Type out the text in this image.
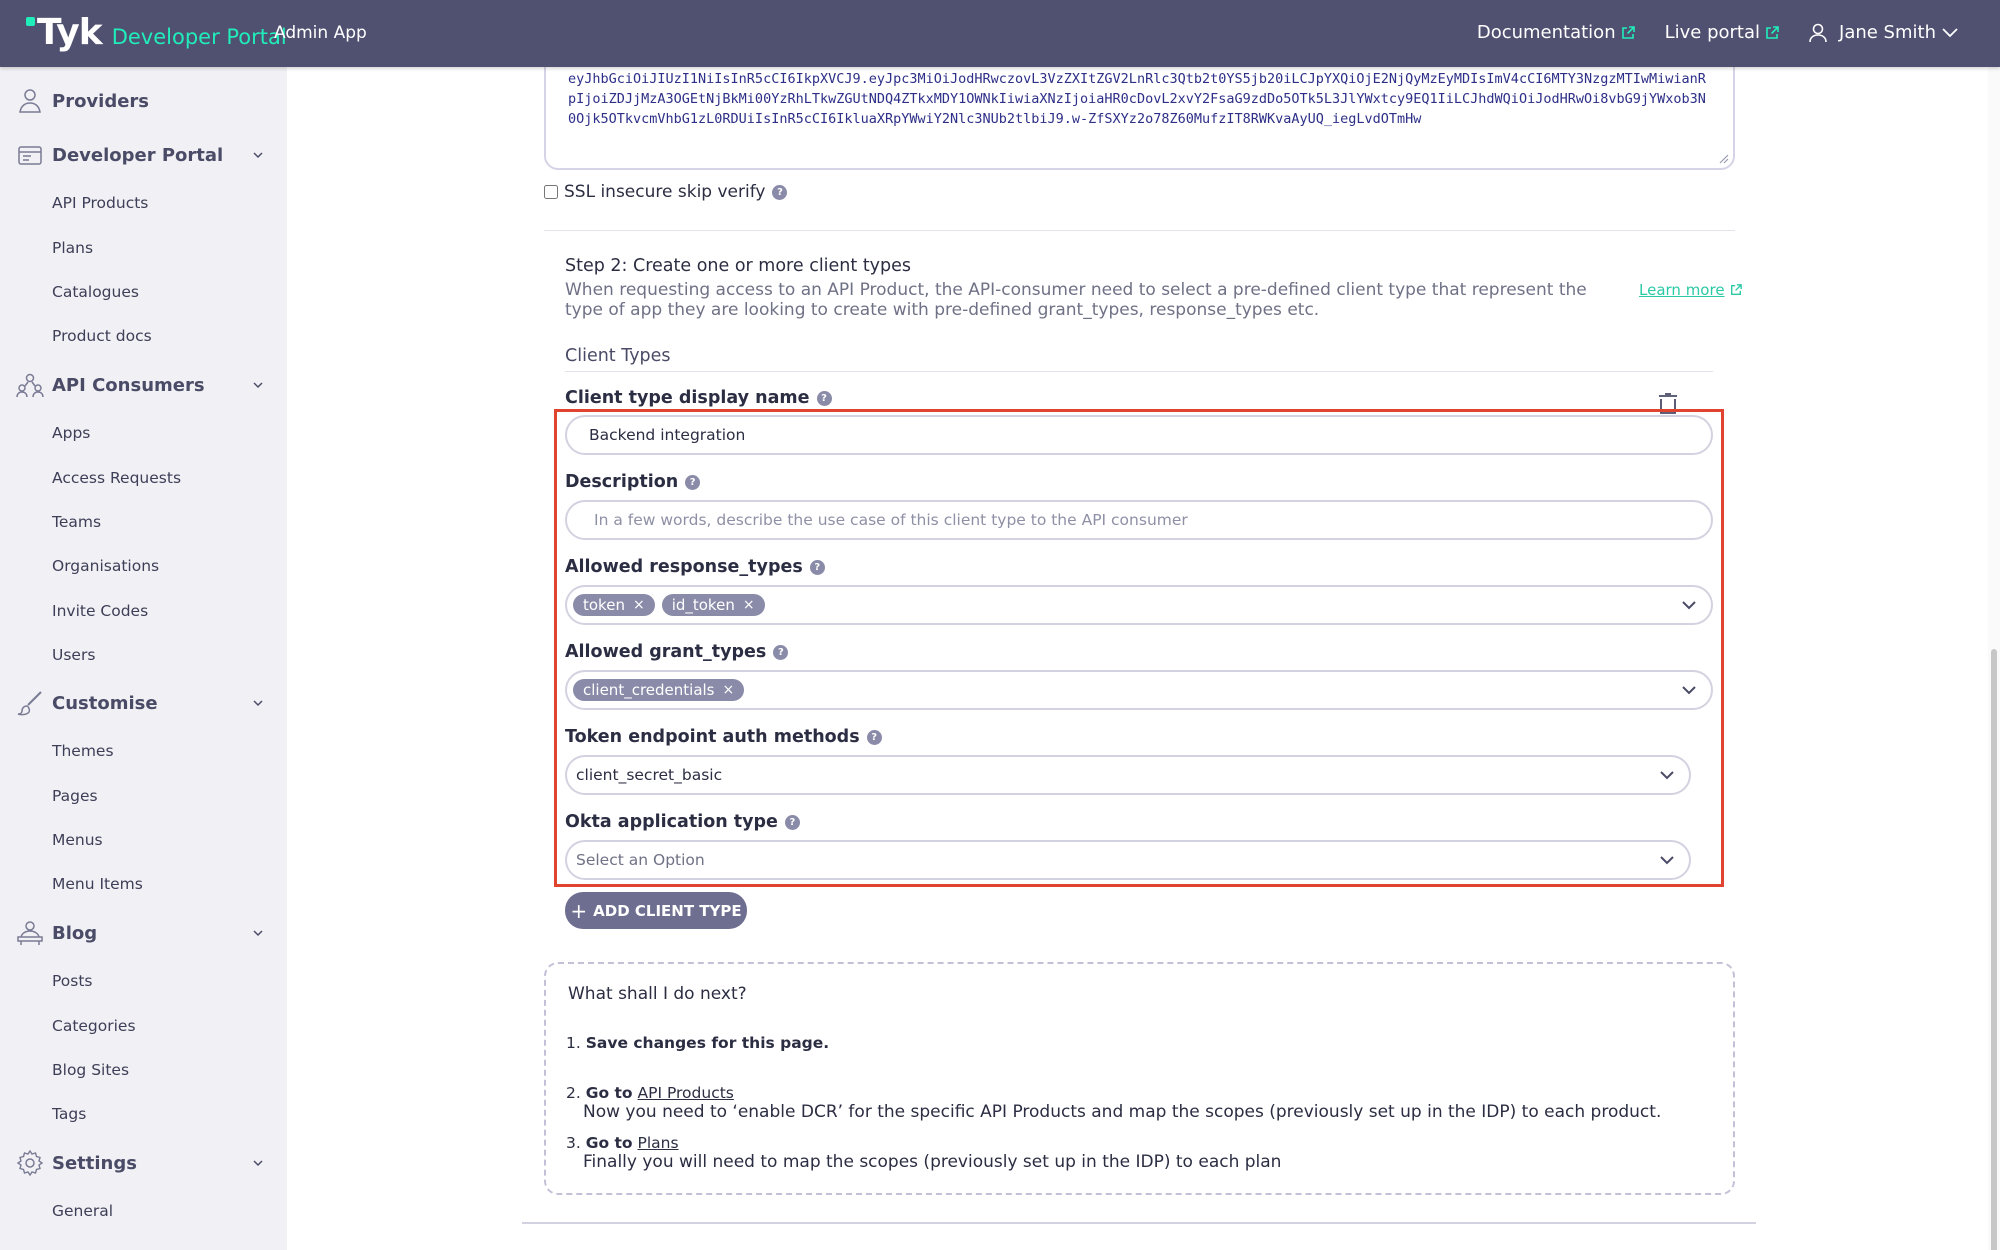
Tyk Developer Portal
Admin App	Documentation	Live portal	Jane Smith
Providers
Developer Portal
API Products
Plans
Catalogues
Product docs
API Consumers
Apps
Access Requests
Teams
Organisations
Invite Codes
Users
Customise
Themes
Pages
Menus
Menu Items
Blog
Posts
Categories
Blog Sites
Tags
Settings
General
eyJhbGciOiJIUzI1NiIsInR5cCI6IkpXVCJ9.eyJpc3MiOiJodHRwczovL3VzZXItZGV2LnRlc3Qtb2t0YS5jb20iLCJpYXQiOjE2NjQyMzEyMDIsImV4cCI6MTY3NzgzMTIwMiwianRpIjoiZDJjMzA3OGEtNjBkMi00YzRhLTkwZGUtNDQ4ZTkxMDY1OWNkIiwiaXNzIjoiaHR0cDovL2xvY2FsaG9zdDo5OTk5L3JlYWxtcy9EQ1IiLCJhdWQiOiJodHRwOi8vbG9jYWxob3N0Ojk5OTkvcmVhbG1zL0RDUiIsInR5cCI6IkluaXRpYWwiY2Nlc3NUb2tlbiJ9.w-ZfSXYz2o78Z60MufzIT8RWKvaAyUQ_iegLvdOTmHw
SSL insecure skip verify	?
Step 2: Create one or more client types
When requesting access to an API Product, the API-consumer need to select a pre-defined client type that represent the type of app they are looking to create with pre-defined grant_types, response_types etc.
Learn more
Client Types
Client type display name	?
Backend integration
Description	?
In a few words, describe the use case of this client type to the API consumer
Allowed response_types	?
token × id_token ×
Allowed grant_types	?
client_credentials ×
Token endpoint auth methods	?
client_secret_basic
Okta application type	?
Select an Option
+ ADD CLIENT TYPE
What shall I do next?
1. Save changes for this page.
2. Go to API Products
Now you need to ‘enable DCR’ for the specific API Products and map the scopes (previously set up in the IDP) to each product.
3. Go to Plans
Finally you will need to map the scopes (previously set up in the IDP) to each plan
